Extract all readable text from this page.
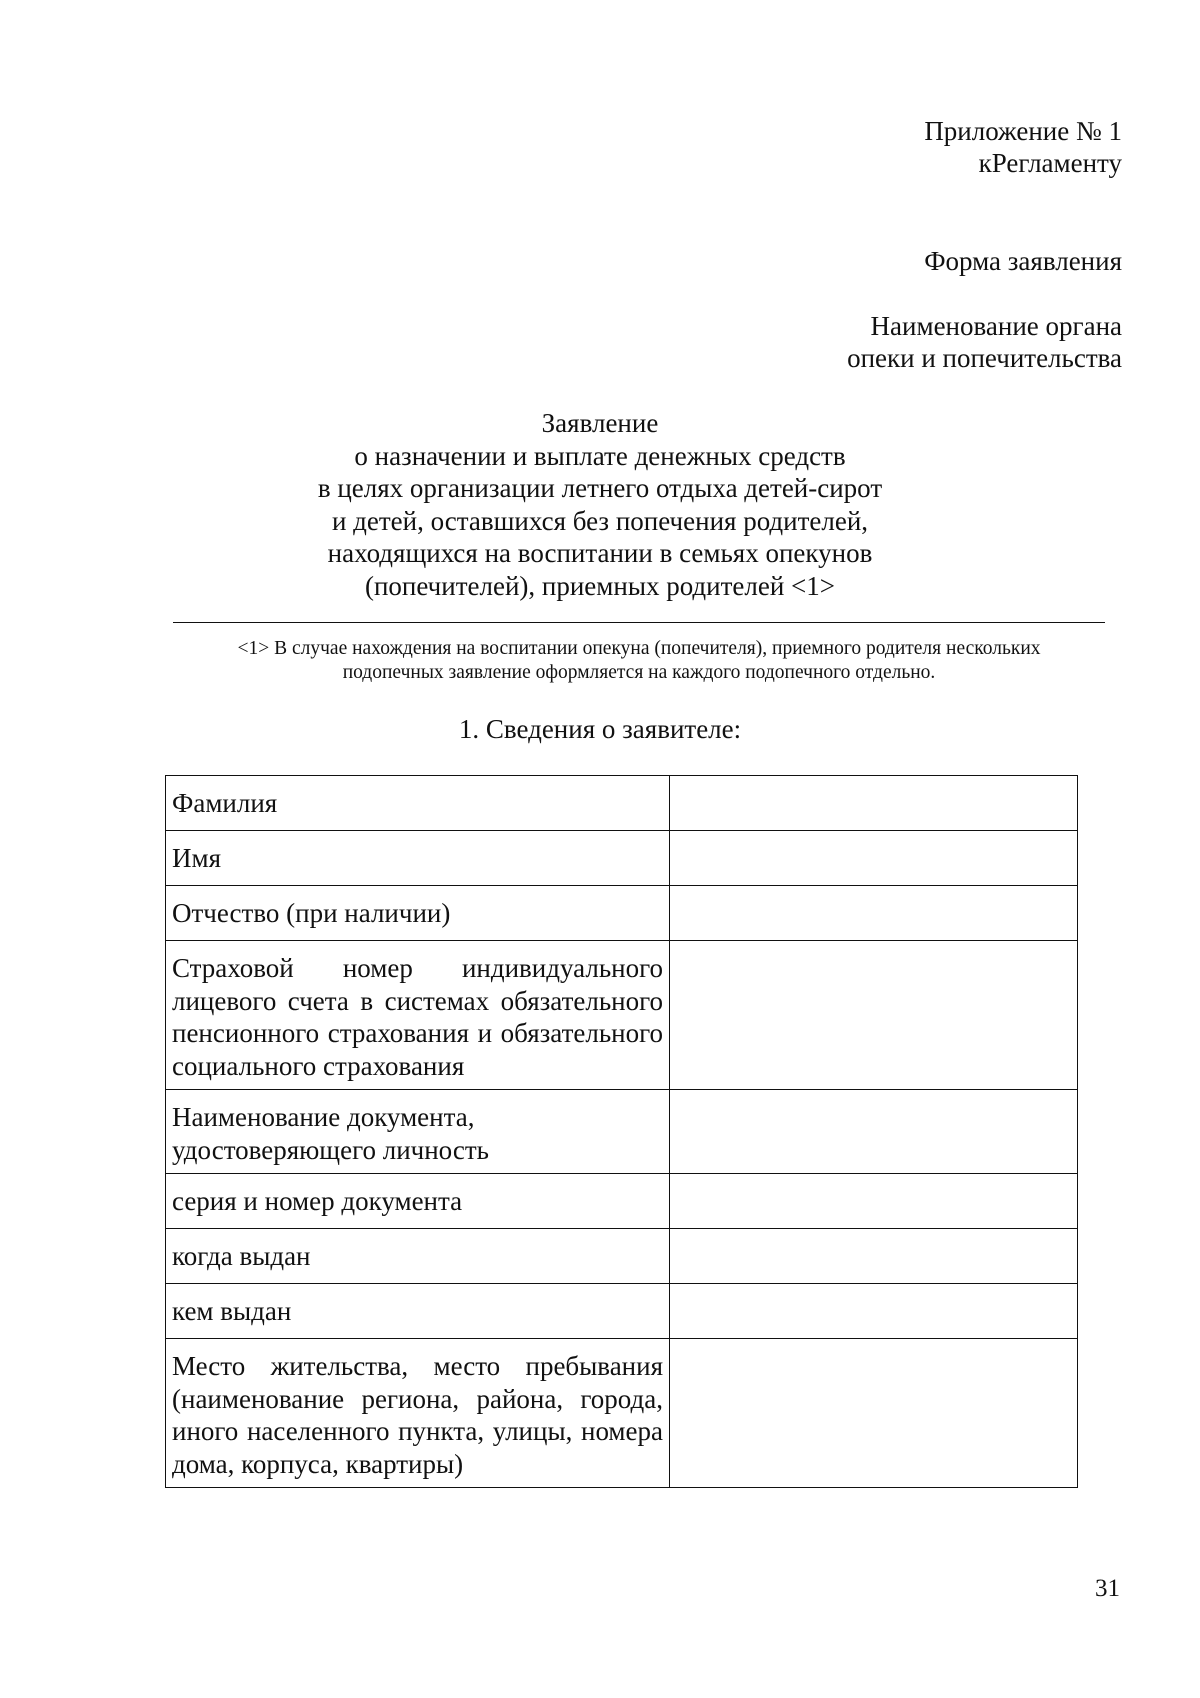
Приложение № 1
кРегламенту
Форма заявления
Наименование органа
опеки и попечительства
Заявление
о назначении и выплате денежных средств
в целях организации летнего отдыха детей-сирот
и детей, оставшихся без попечения родителей,
находящихся на воспитании в семьях опекунов
(попечителей), приемных родителей <1>
<1> В случае нахождения на воспитании опекуна (попечителя), приемного родителя нескольких
подопечных заявление оформляется на каждого подопечного отдельно.
1. Сведения о заявителе:
Фамилия	
Имя	
Отчество (при наличии)	
Страховой номер индивидуального лицевого счета в системах обязательного пенсионного страхования и обязательного социального страхования	
Наименование документа, удостоверяющего личность	
серия и номер документа	
когда выдан	
кем выдан	
Место жительства, место пребывания (наименование региона, района, города, иного населенного пункта, улицы, номера дома, корпуса, квартиры)	
31
